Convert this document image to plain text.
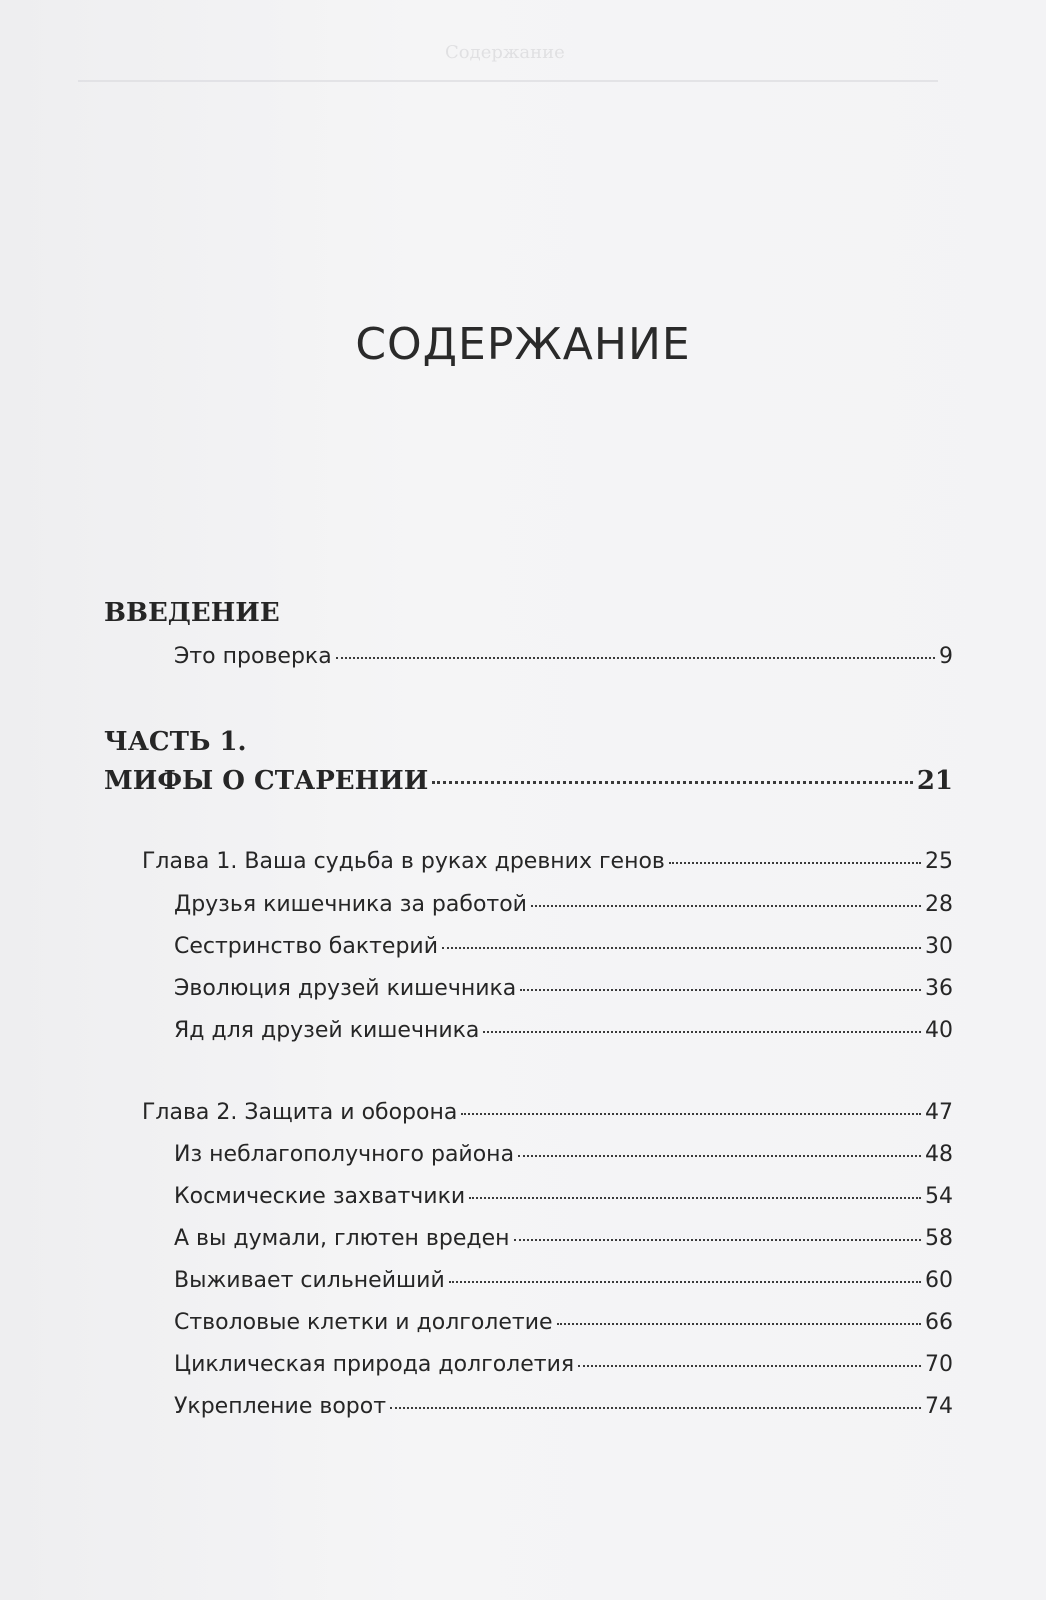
Содержание
СОДЕРЖАНИЕ
ВВЕДЕНИЕ
Это проверка	9
ЧАСТЬ 1.
МИФЫ О СТАРЕНИИ	21
Глава 1. Ваша судьба в руках древних генов	25
Друзья кишечника за работой	28
Сестринство бактерий	30
Эволюция друзей кишечника	36
Яд для друзей кишечника	40
Глава 2. Защита и оборона	47
Из неблагополучного района	48
Космические захватчики	54
А вы думали, глютен вреден	58
Выживает сильнейший	60
Стволовые клетки и долголетие	66
Циклическая природа долголетия	70
Укрепление ворот	74
